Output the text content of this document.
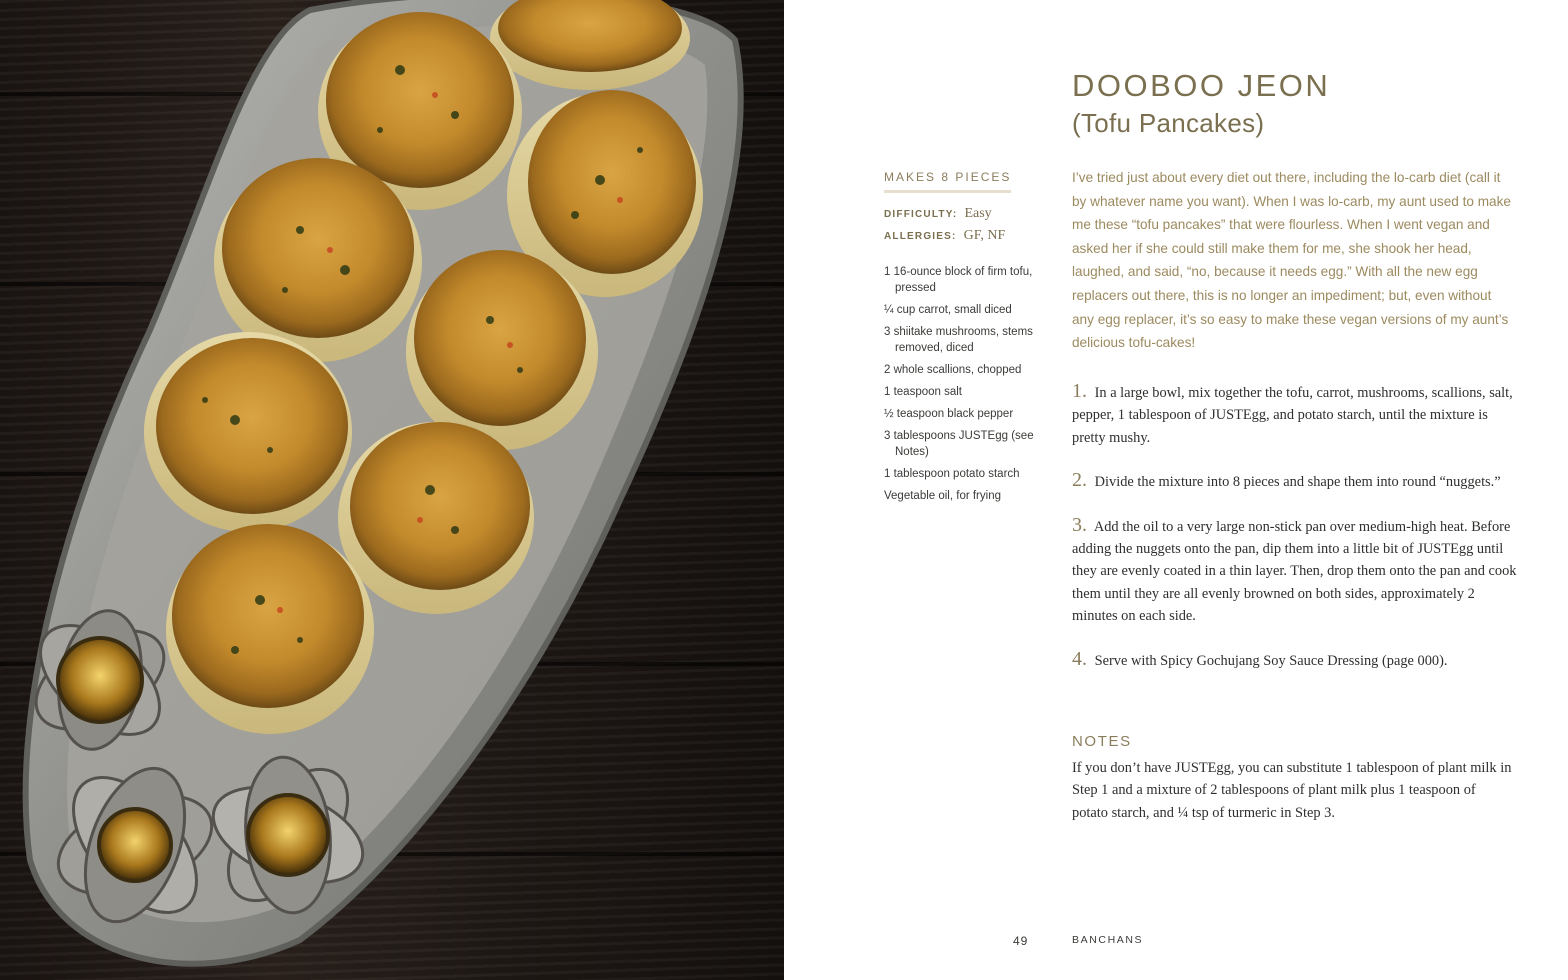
DOOBOO JEON
(Tofu Pancakes)
MAKES 8 PIECES
DIFFICULTY: Easy
ALLERGIES: GF, NF
1 16-ounce block of firm tofu, pressed
¼ cup carrot, small diced
3 shiitake mushrooms, stems removed, diced
2 whole scallions, chopped
1 teaspoon salt
½ teaspoon black pepper
3 tablespoons JUSTEgg (see Notes)
1 tablespoon potato starch
Vegetable oil, for frying

I’ve tried just about every diet out there, including the lo-carb diet (call it by whatever name you want). When I was lo-carb, my aunt used to make me these “tofu pancakes” that were flourless. When I went vegan and asked her if she could still make them for me, she shook her head, laughed, and said, “no, because it needs egg.” With all the new egg replacers out there, this is no longer an impediment; but, even without any egg replacer, it’s so easy to make these vegan versions of my aunt’s delicious tofu-cakes!

1. In a large bowl, mix together the tofu, carrot, mushrooms, scallions, salt, pepper, 1 tablespoon of JUSTEgg, and potato starch, until the mixture is pretty mushy.
2. Divide the mixture into 8 pieces and shape them into round “nuggets.”
3. Add the oil to a very large non-stick pan over medium-high heat. Before adding the nuggets onto the pan, dip them into a little bit of JUSTEgg until they are evenly coated in a thin layer. Then, drop them onto the pan and cook them until they are all evenly browned on both sides, approximately 2 minutes on each side.
4. Serve with Spicy Gochujang Soy Sauce Dressing (page 000).
NOTES

If you don’t have JUSTEgg, you can substitute 1 tablespoon of plant milk in Step 1 and a mixture of 2 tablespoons of plant milk plus 1 teaspoon of potato starch, and ¼ tsp of turmeric in Step 3.

49	BANCHANS
